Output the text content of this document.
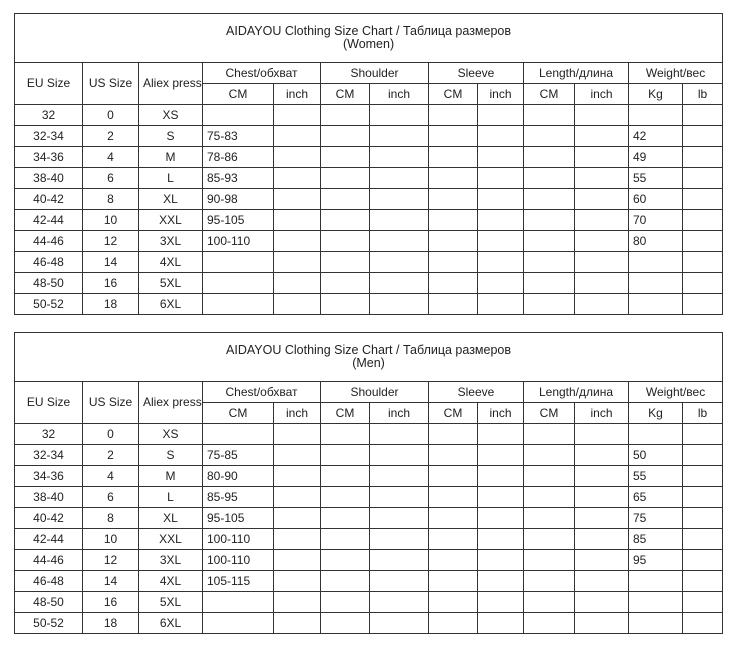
AIDAYOU Clothing Size Chart / Таблица размеров
(Women)												

EU Size	US Size	Aliex press	Chest/обхват		Shoulder		Sleeve		Length/длина		Weight/вес	
			CM	inch	CM	inch	CM	inch	CM	inch	Kg	lb
32	0	XS										
32-34	2	S	75-83								42	
34-36	4	M	78-86								49	
38-40	6	L	85-93								55	
40-42	8	XL	90-98								60	
42-44	10	XXL	95-105								70	
44-46	12	3XL	100-110								80	
46-48	14	4XL										
48-50	16	5XL										
50-52	18	6XL										
AIDAYOU Clothing Size Chart / Таблица размеров
(Men)												

EU Size	US Size	Aliex press	Chest/обхват		Shoulder		Sleeve		Length/длина		Weight/вес	
			CM	inch	CM	inch	CM	inch	CM	inch	Kg	lb
32	0	XS										
32-34	2	S	75-85								50	
34-36	4	M	80-90								55	
38-40	6	L	85-95								65	
40-42	8	XL	95-105								75	
42-44	10	XXL	100-110								85	
44-46	12	3XL	100-110								95	
46-48	14	4XL	105-115									
48-50	16	5XL										
50-52	18	6XL										
